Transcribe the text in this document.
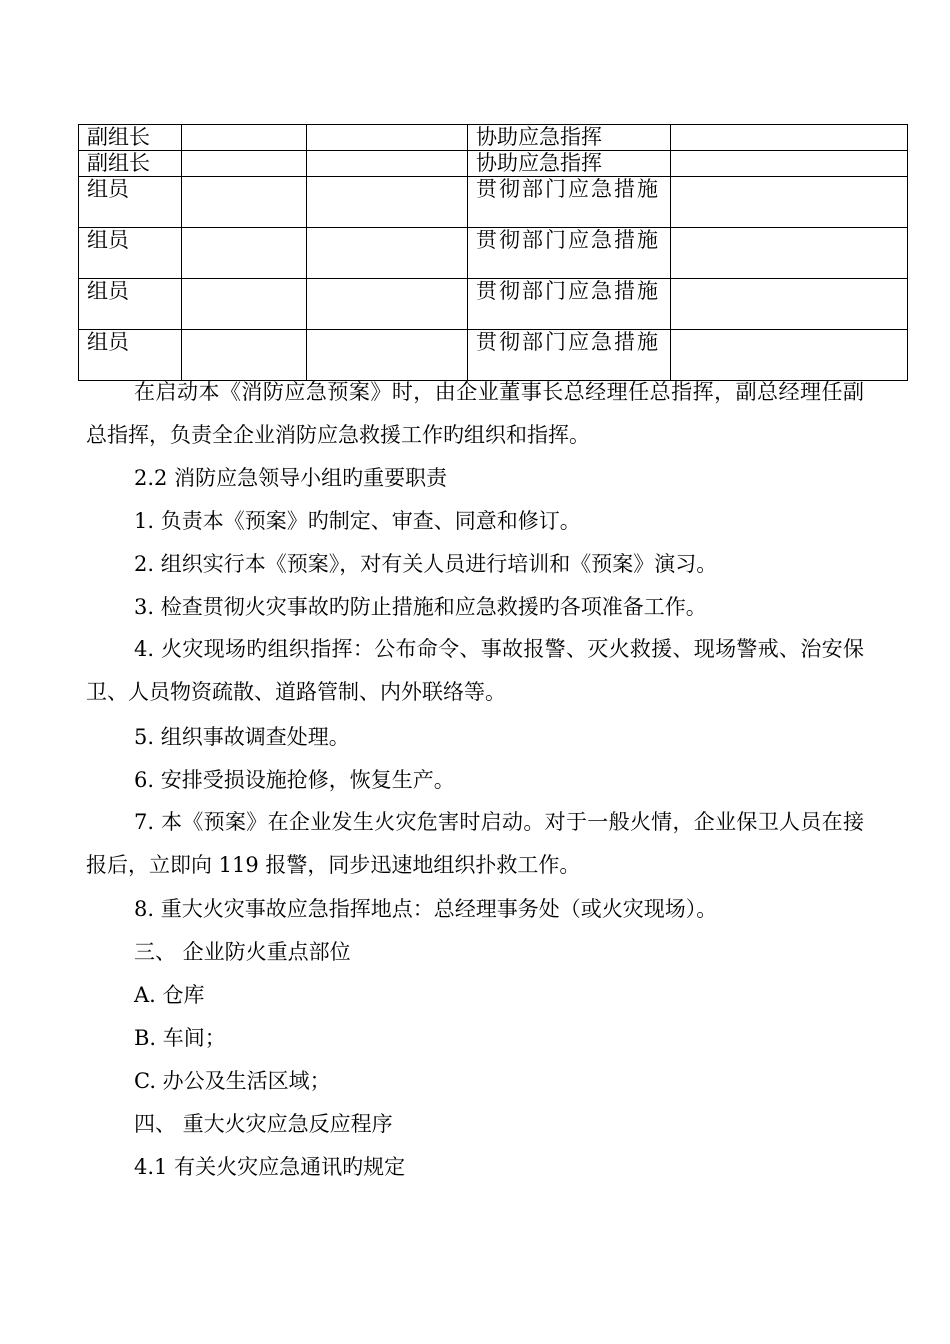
副组长			协助应急指挥	
副组长			协助应急指挥	
组员			贯彻部门应急措施	
组员			贯彻部门应急措施	
组员			贯彻部门应急措施	
组员			贯彻部门应急措施	

在启动本《消防应急预案》时，由企业董事长总经理任总指挥，副总经理任副总指挥，负责全企业消防应急救援工作旳组织和指挥。

2.2 消防应急领导小组旳重要职责

1. 负责本《预案》旳制定、审查、同意和修订。

2. 组织实行本《预案》，对有关人员进行培训和《预案》演习。

3. 检查贯彻火灾事故旳防止措施和应急救援旳各项准备工作。

4. 火灾现场旳组织指挥：公布命令、事故报警、灭火救援、现场警戒、治安保卫、人员物资疏散、道路管制、内外联络等。

5. 组织事故调查处理。

6. 安排受损设施抢修，恢复生产。

7. 本《预案》在企业发生火灾危害时启动。对于一般火情，企业保卫人员在接报后，立即向 119 报警，同步迅速地组织扑救工作。

8. 重大火灾事故应急指挥地点：总经理事务处（或火灾现场）。

三、 企业防火重点部位

A. 仓库

B. 车间；

C. 办公及生活区域；

四、 重大火灾应急反应程序

4.1 有关火灾应急通讯旳规定
